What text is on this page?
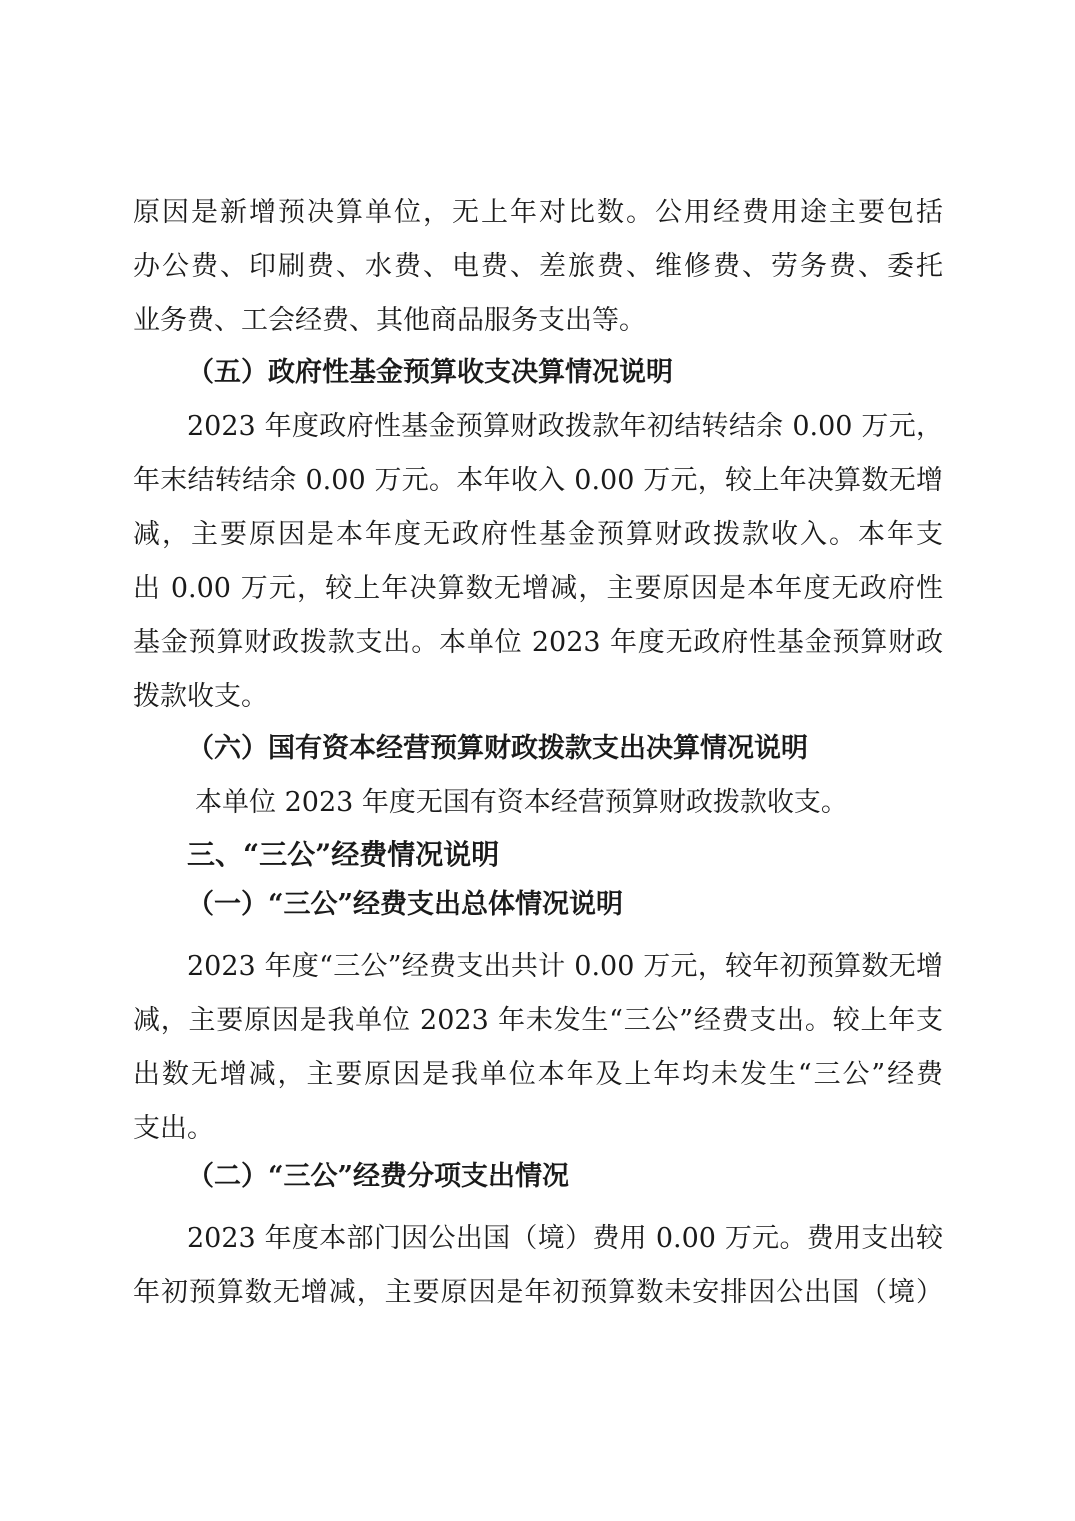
原因是新增预决算单位，无上年对比数。公用经费用途主要包括
办公费、印刷费、水费、电费、差旅费、维修费、劳务费、委托
业务费、工会经费、其他商品服务支出等。
（五）政府性基金预算收支决算情况说明
2023 年度政府性基金预算财政拨款年初结转结余 0.00 万元，
年末结转结余 0.00 万元。本年收入 0.00 万元，较上年决算数无增
减，主要原因是本年度无政府性基金预算财政拨款收入。本年支
出 0.00 万元，较上年决算数无增减，主要原因是本年度无政府性
基金预算财政拨款支出。本单位 2023 年度无政府性基金预算财政
拨款收支。
（六）国有资本经营预算财政拨款支出决算情况说明
本单位 2023 年度无国有资本经营预算财政拨款收支。
三、“三公”经费情况说明
（一）“三公”经费支出总体情况说明
2023 年度“三公”经费支出共计 0.00 万元，较年初预算数无增
减，主要原因是我单位 2023 年未发生“三公”经费支出。较上年支
出数无增减，主要原因是我单位本年及上年均未发生“三公”经费
支出。
（二）“三公”经费分项支出情况
2023 年度本部门因公出国（境）费用 0.00 万元。费用支出较
年初预算数无增减，主要原因是年初预算数未安排因公出国（境）
